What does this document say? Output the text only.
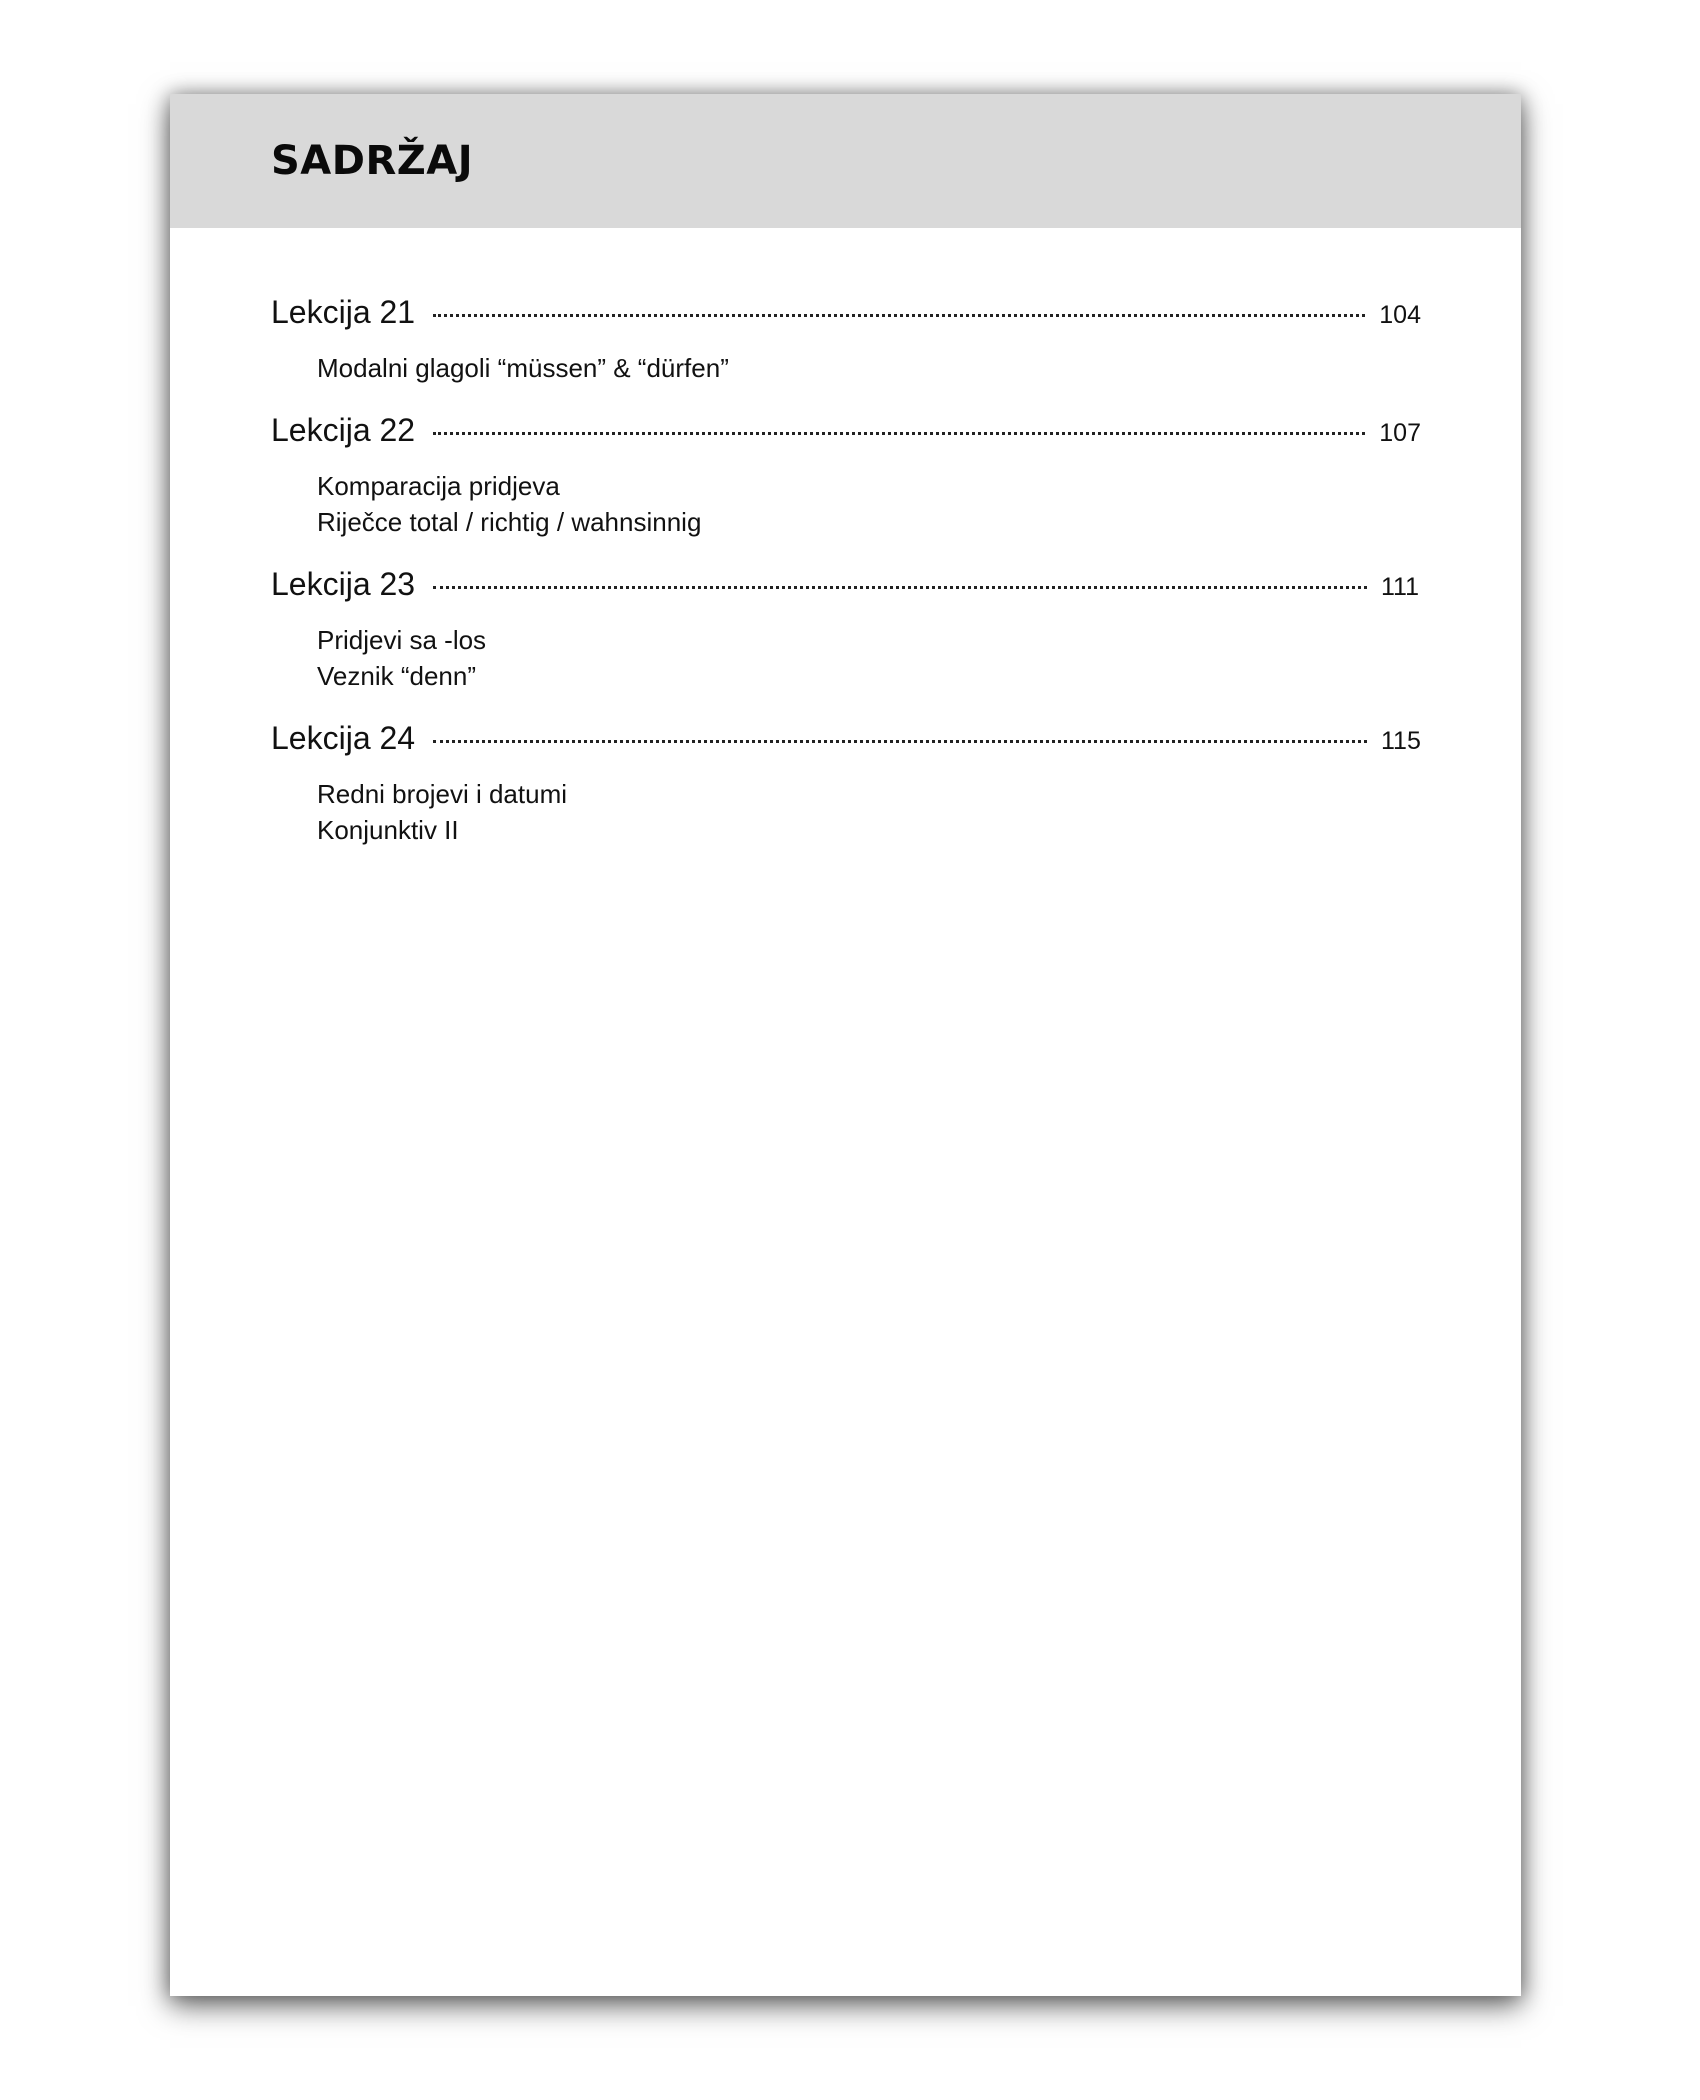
SADRŽAJ
Lekcija 21	104
Modalni glagoli “müssen” & “dürfen”
Lekcija 22	107
Komparacija pridjeva
Riječce total / richtig / wahnsinnig
Lekcija 23	111
Pridjevi sa -los
Veznik “denn”
Lekcija 24	115
Redni brojevi i datumi
Konjunktiv II
